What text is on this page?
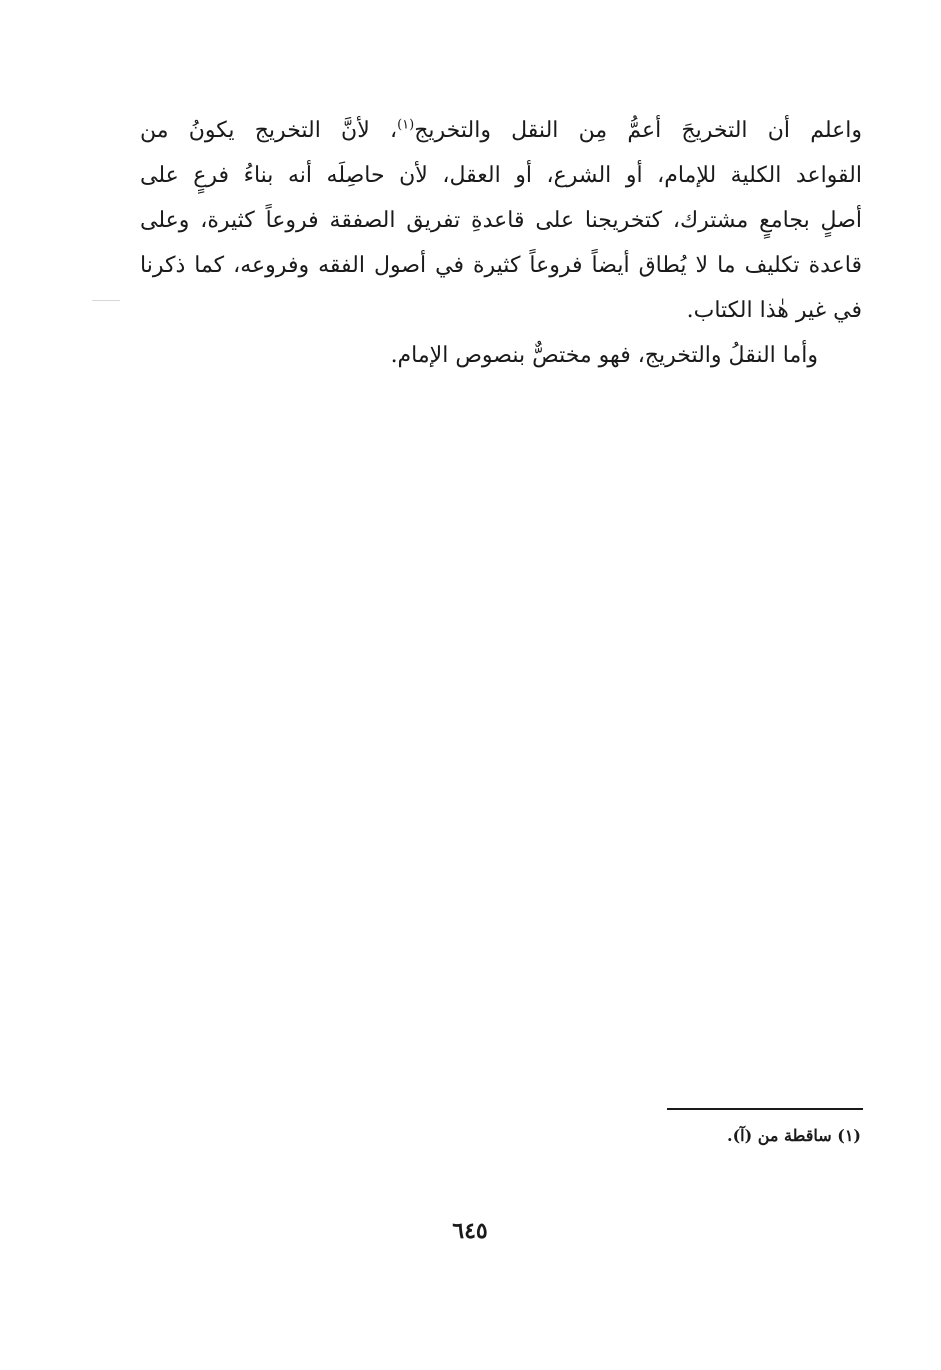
واعلم أن التخريجَ أعمُّ مِن النقل والتخريج$^{(١)}$، لأنَّ التخريج يكونُ من
القواعد الكلية للإمام، أو الشرع، أو العقل، لأن حاصِلَه أنه بناءُ فرعٍ على
أصلٍ بجامعٍ مشترك، كتخريجنا على قاعدةِ تفريق الصفقة فروعاً كثيرة، وعلى
قاعدة تكليف ما لا يُطاق أيضاً فروعاً كثيرة في أصول الفقه وفروعه، كما ذكرنا
في غير هٰذا الكتاب.
وأما النقلُ والتخريج، فهو مختصٌّ بنصوص الإمام.
(١) ساقطة من (آ).
٦٤٥
